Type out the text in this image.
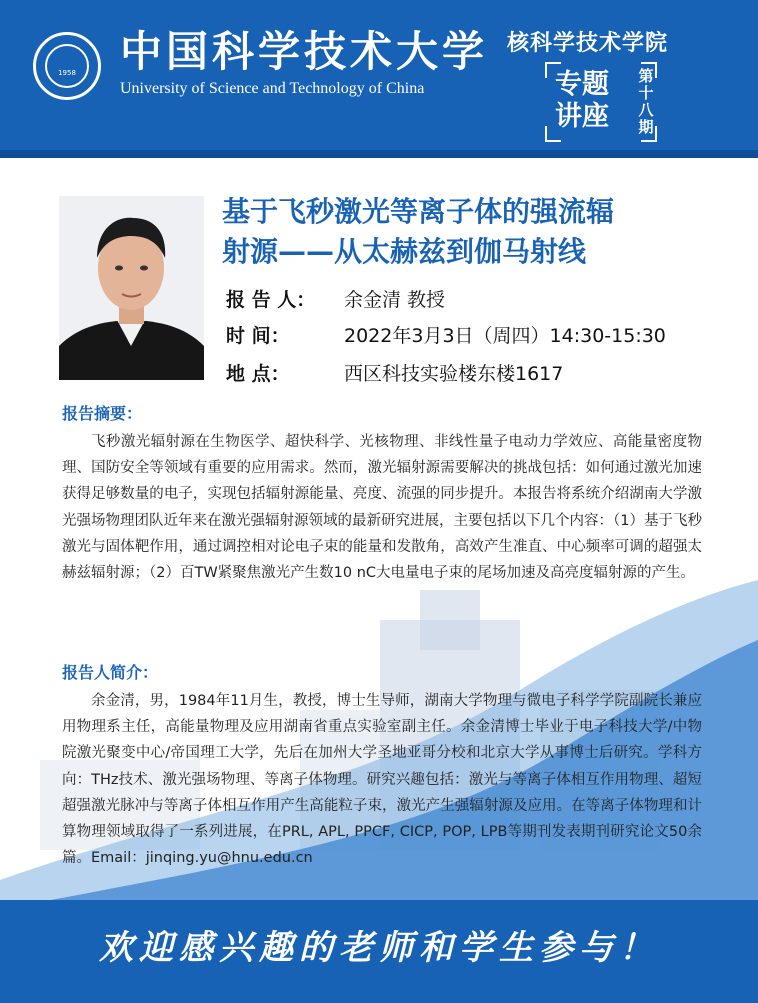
欢迎感兴趣的老师和学生参与！
1958	中国科学技术大学
University of Science and Technology of China
核科学技术学院
专题
讲座
第十八期
基于飞秒激光等离子体的强流辐
射源——从太赫兹到伽马射线
报 告 人： 余金清 教授
时 间：	2022年3月3日（周四）14:30-15:30
地 点：	西区科技实验楼东楼1617
报告摘要：
飞秒激光辐射源在生物医学、超快科学、光核物理、非线性量子电动力学效应、高能量密度物理、国防安全等领域有重要的应用需求。然而，激光辐射源需要解决的挑战包括：如何通过激光加速获得足够数量的电子，实现包括辐射源能量、亮度、流强的同步提升。本报告将系统介绍湖南大学激光强场物理团队近年来在激光强辐射源领域的最新研究进展，主要包括以下几个内容：（1）基于飞秒激光与固体靶作用，通过调控相对论电子束的能量和发散角，高效产生准直、中心频率可调的超强太赫兹辐射源；（2）百TW紧聚焦激光产生数10 nC大电量电子束的尾场加速及高亮度辐射源的产生。
报告人简介：
余金清，男，1984年11月生，教授，博士生导师，湖南大学物理与微电子科学学院副院长兼应用物理系主任，高能量物理及应用湖南省重点实验室副主任。余金清博士毕业于电子科技大学/中物院激光聚变中心/帝国理工大学，先后在加州大学圣地亚哥分校和北京大学从事博士后研究。学科方向：THz技术、激光强场物理、等离子体物理。研究兴趣包括：激光与等离子体相互作用物理、超短超强激光脉冲与等离子体相互作用产生高能粒子束，激光产生强辐射源及应用。在等离子体物理和计算物理领域取得了一系列进展，在PRL, APL, PPCF, CICP, POP, LPB等期刊发表期刊研究论文50余篇。Email：jinqing.yu@hnu.edu.cn
